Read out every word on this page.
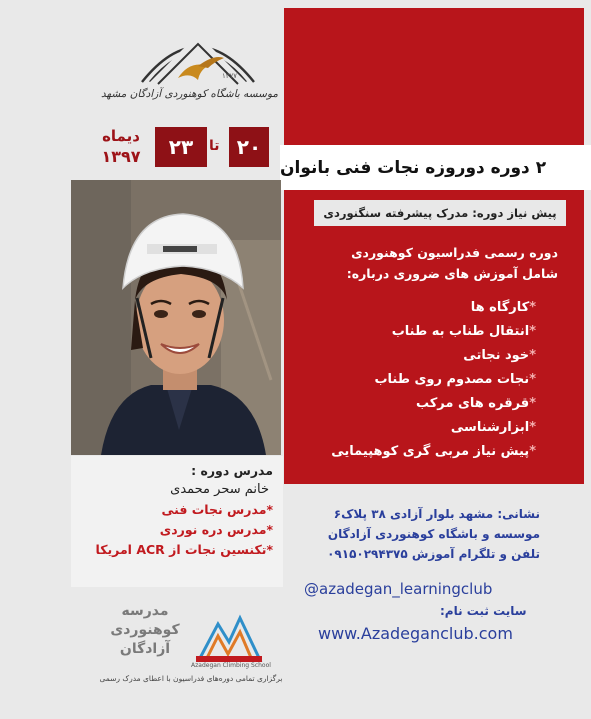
موسسه باشگاه کوهنوردی آزادگان مشهد
۱۳۷۷
۲۰
تا
۲۳
دیماه
۱۳۹۷
۲ دوره دوروزه نجات فنی بانوان
پیش نیاز دوره: مدرک پیشرفته سنگنوردی
دوره رسمی فدراسیون کوهنوردی
شامل آموزش های ضروری درباره:
*کارگاه ها
*انتقال طناب به طناب
*خود نجاتی
*نجات مصدوم روی طناب
*قرقره های مرکب
*ابزارشناسی
*پیش نیاز مربی گری کوهپیمایی
مدرس دوره :
خانم سحر محمدی
*مدرس نجات فنی
*مدرس دره نوردی
*تکنسین نجات از ACR امریکا
نشانی: مشهد بلوار آزادی ۳۸ پلاک۶
موسسه و باشگاه کوهنوردی آزادگان
تلفن و تلگرام آموزش ۰۹۱۵۰۲۹۴۳۷۵
@azadegan_learningclub
سایت ثبت نام:
www.Azadeganclub.com
مدرسه
کوهنوردی
آزادگان
Azadegan Climbing School
برگزاری تمامی دوره‌های فدراسیون با اعطای مدرک رسمی
